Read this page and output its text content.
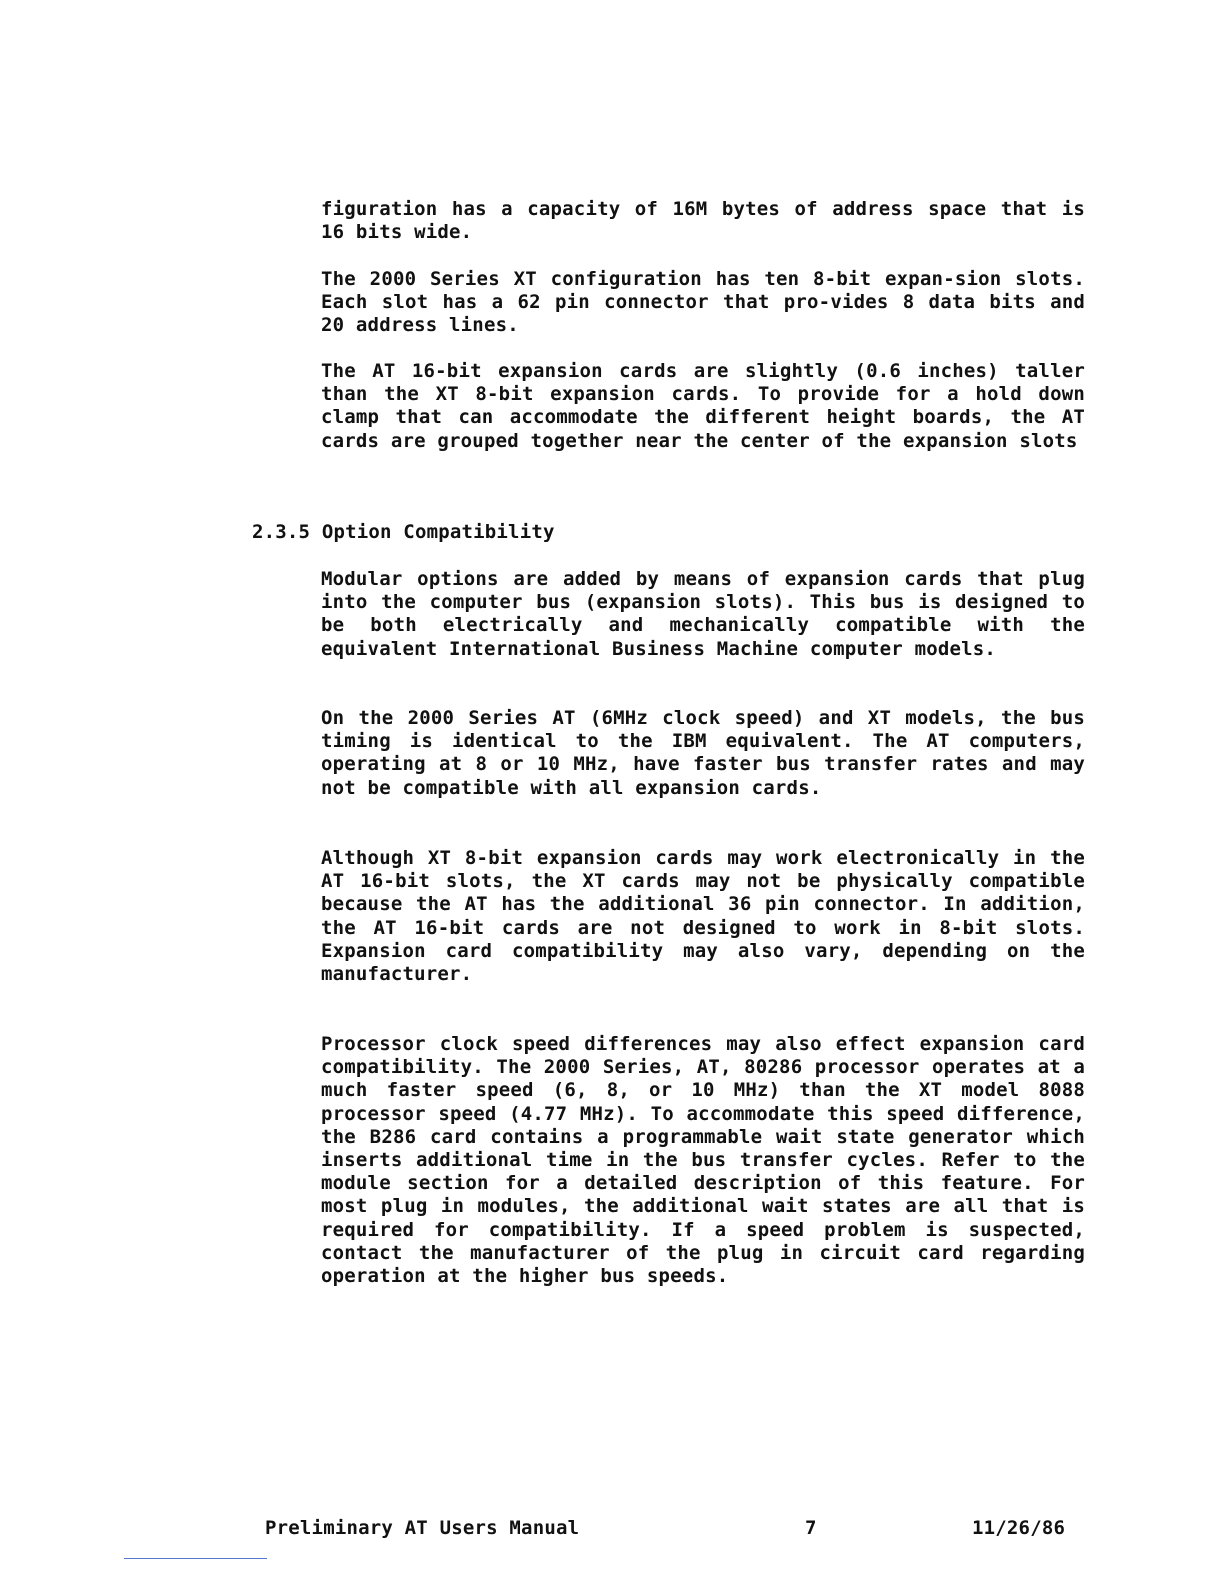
figuration has a capacity of 16M bytes of address space that is 16 bits wide.

The 2000 Series XT configuration has ten 8-bit expan-sion slots. Each slot has a 62 pin connector that pro-vides 8 data bits and 20 address lines.

The AT 16-bit expansion cards are slightly (0.6 inches) taller than the XT 8-bit expansion cards. To provide for a hold down clamp that can accommodate the different height boards, the AT cards are grouped together near the center of the expansion slots

2.3.5 Option Compatibility

Modular options are added by means of expansion cards that plug into the computer bus (expansion slots). This bus is designed to be both electrically and mechanically compatible with the equivalent International Business Machine computer models.

On the 2000 Series AT (6MHz clock speed) and XT models, the bus timing is identical to the IBM equivalent. The AT computers, operating at 8 or 10 MHz, have faster bus transfer rates and may not be compatible with all expansion cards.

Although XT 8-bit expansion cards may work electronically in the AT 16-bit slots, the XT cards may not be physically compatible because the AT has the additional 36 pin connector. In addition, the AT 16-bit cards are not designed to work in 8-bit slots. Expansion card compatibility may also vary, depending on the manufacturer.

Processor clock speed differences may also effect expansion card compatibility. The 2000 Series, AT, 80286 processor operates at a much faster speed (6, 8, or 10 MHz) than the XT model 8088 processor speed (4.77 MHz). To accommodate this speed difference, the B286 card contains a programmable wait state generator which inserts additional time in the bus transfer cycles. Refer to the module section for a detailed description of this feature. For most plug in modules, the additional wait states are all that is required for compatibility. If a speed problem is suspected, contact the manufacturer of the plug in circuit card regarding operation at the higher bus speeds.

Preliminary AT Users Manual	7	11/26/86
